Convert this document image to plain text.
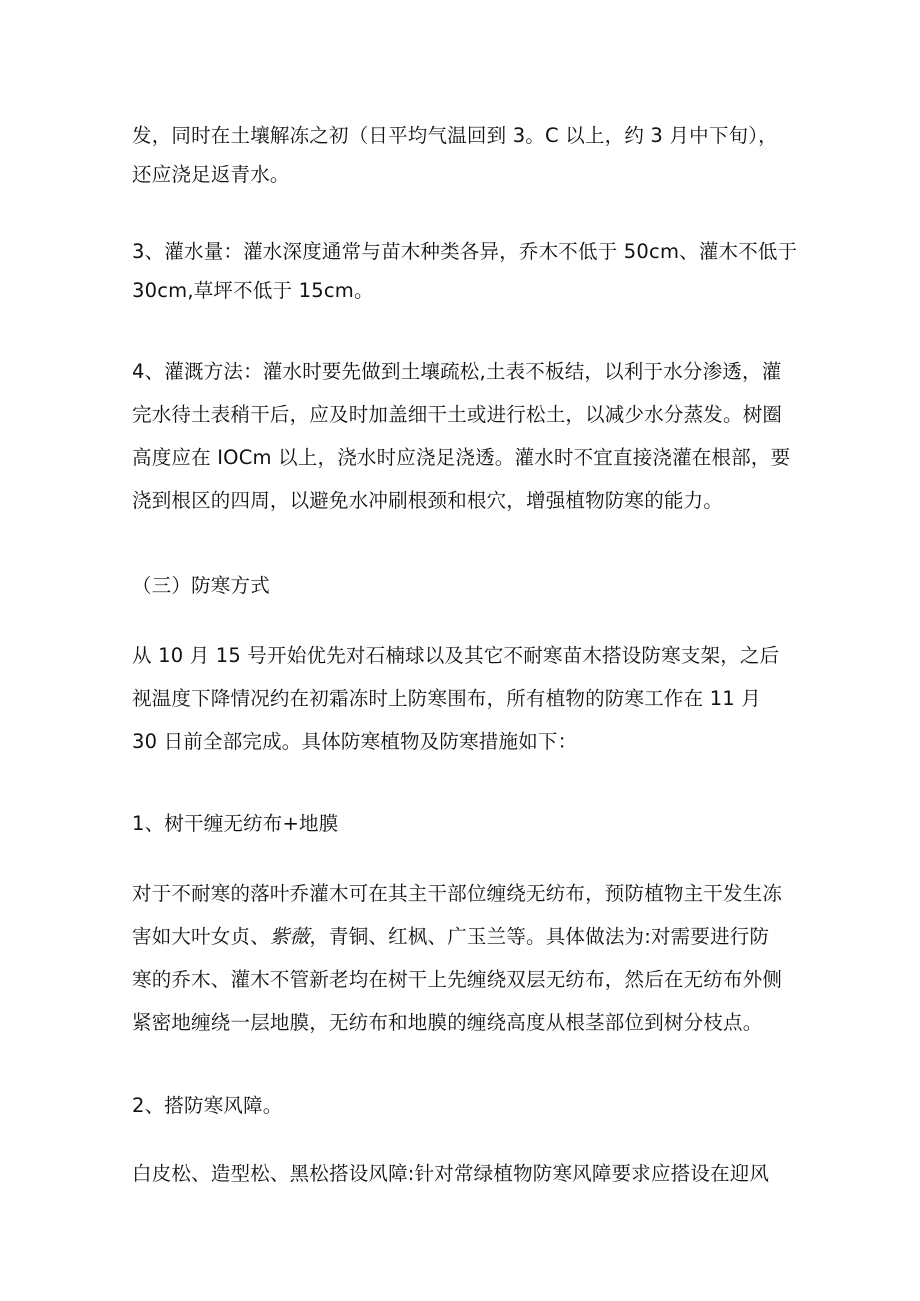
发，同时在土壤解冻之初（日平均气温回到 3。C 以上，约 3 月中下旬），
还应浇足返青水。

3、灌水量：灌水深度通常与苗木种类各异，乔木不低于 50cm、灌木不低于
30cm,草坪不低于 15cm。

4、灌溉方法：灌水时要先做到土壤疏松,土表不板结，以利于水分渗透，灌
完水待土表稍干后，应及时加盖细干土或进行松土，以减少水分蒸发。树圈
高度应在 IOCm 以上，浇水时应浇足浇透。灌水时不宜直接浇灌在根部，要
浇到根区的四周，以避免水冲刷根颈和根穴，增强植物防寒的能力。

（三）防寒方式

从 10 月 15 号开始优先对石楠球以及其它不耐寒苗木搭设防寒支架，之后
视温度下降情况约在初霜冻时上防寒围布，所有植物的防寒工作在 11 月
30 日前全部完成。具体防寒植物及防寒措施如下：

1、树干缠无纺布+地膜

对于不耐寒的落叶乔灌木可在其主干部位缠绕无纺布，预防植物主干发生冻
害如大叶女贞、紫薇，青铜、红枫、广玉兰等。具体做法为:对需要进行防
寒的乔木、灌木不管新老均在树干上先缠绕双层无纺布，然后在无纺布外侧
紧密地缠绕一层地膜，无纺布和地膜的缠绕高度从根茎部位到树分枝点。

2、搭防寒风障。

白皮松、造型松、黑松搭设风障:针对常绿植物防寒风障要求应搭设在迎风
